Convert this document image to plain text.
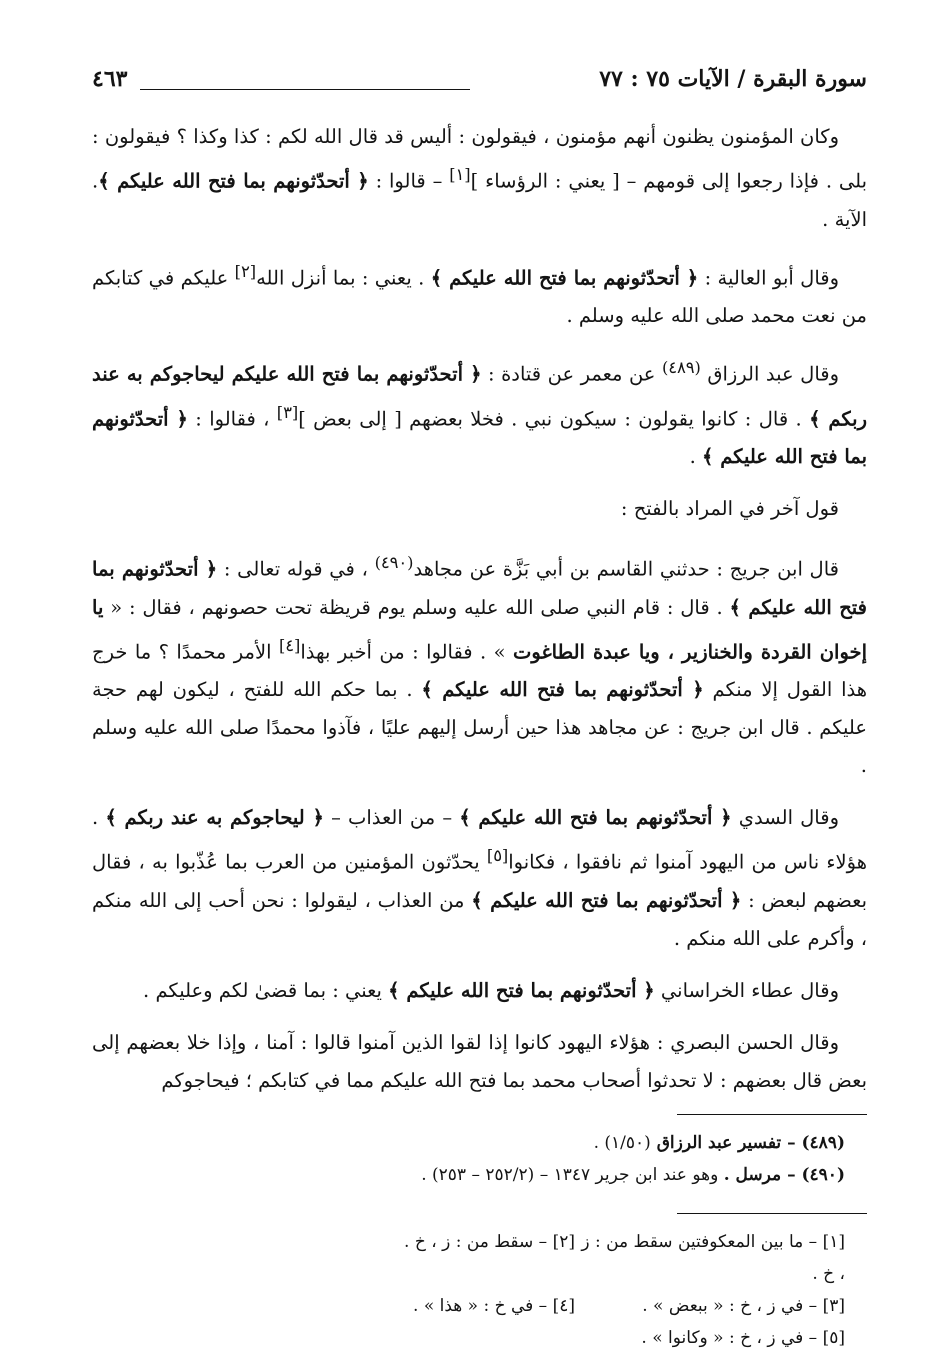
سورة البقرة / الآيات ٧٥ : ٧٧
٤٦٣

وكان المؤمنون يظنون أنهم مؤمنون ، فيقولون : أليس قد قال الله لكم : كذا وكذا ؟ فيقولون : بلى . فإذا رجعوا إلى قومهم – [ يعني : الرؤساء ][١] – قالوا : ﴿ أتحدّثونهم بما فتح الله عليكم ﴾. الآية .

وقال أبو العالية : ﴿ أتحدّثونهم بما فتح الله عليكم ﴾ . يعني : بما أنزل الله[٢] عليكم في كتابكم من نعت محمد صلى الله عليه وسلم .

وقال عبد الرزاق $^{(٤٨٩)}$ عن معمر عن قتادة : ﴿ أتحدّثونهم بما فتح الله عليكم ليحاجوكم به عند ربكم ﴾ . قال : كانوا يقولون : سيكون نبي . فخلا بعضهم [ إلى بعض ][٣] ، فقالوا : ﴿ أتحدّثونهم بما فتح الله عليكم ﴾ .

قول آخر في المراد بالفتح :

قال ابن جريج : حدثني القاسم بن أبي بَزَّة عن مجاهد$^{(٤٩٠)}$ ، في قوله تعالى : ﴿ أتحدّثونهم بما فتح الله عليكم ﴾ . قال : قام النبي صلى الله عليه وسلم يوم قريظة تحت حصونهم ، فقال : « يا إخوان القردة والخنازير ، ويا عبدة الطاغوت » . فقالوا : من أخبر بهذا[٤] الأمر محمدًا ؟ ما خرج هذا القول إلا منكم ﴿ أتحدّثونهم بما فتح الله عليكم ﴾ . بما حكم الله للفتح ، ليكون لهم حجة عليكم . قال ابن جريج : عن مجاهد هذا حين أرسل إليهم عليًا ، فآذوا محمدًا صلى الله عليه وسلم .

وقال السدي ﴿ أتحدّثونهم بما فتح الله عليكم ﴾ – من العذاب – ﴿ ليحاجوكم به عند ربكم ﴾ . هؤلاء ناس من اليهود آمنوا ثم نافقوا ، فكانوا[٥] يحدّثون المؤمنين من العرب بما عُذّبوا به ، فقال بعضهم لبعض : ﴿ أتحدّثونهم بما فتح الله عليكم ﴾ من العذاب ، ليقولوا : نحن أحب إلى الله منكم ، وأكرم على الله منكم .

وقال عطاء الخراساني ﴿ أتحدّثونهم بما فتح الله عليكم ﴾ يعني : بما قضىٰ لكم وعليكم .

وقال الحسن البصري : هؤلاء اليهود كانوا إذا لقوا الذين آمنوا قالوا : آمنا ، وإذا خلا بعضهم إلى بعض قال بعضهم : لا تحدثوا أصحاب محمد بما فتح الله عليكم مما في كتابكم ؛ فيحاجوكم

(٤٨٩) – تفسير عبد الرزاق (١/٥٠) .
(٤٩٠) – مرسل . وهو عند ابن جرير ١٣٤٧ – (٢٥٢/٢ – ٢٥٣) .
[١] – ما بين المعكوفتين سقط من : ز ، خ .
[٢] – سقط من : ز ، خ .
[٣] – في ز ، خ : « ببعض » .
[٤] – في خ : « هذا » .
[٥] – في ز ، خ : « وكانوا » .
